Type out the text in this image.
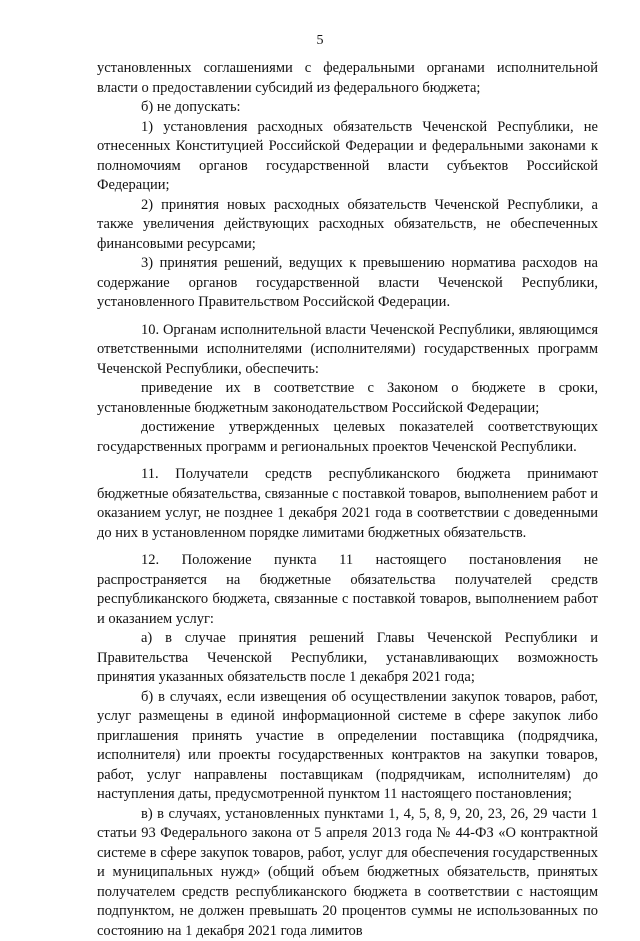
5

установленных соглашениями с федеральными органами исполнительной власти о предоставлении субсидий из федерального бюджета;

б) не допускать:

1) установления расходных обязательств Чеченской Республики, не отнесенных Конституцией Российской Федерации и федеральными законами к полномочиям органов государственной власти субъектов Российской Федерации;

2) принятия новых расходных обязательств Чеченской Республики, а также увеличения действующих расходных обязательств, не обеспеченных финансовыми ресурсами;

3) принятия решений, ведущих к превышению норматива расходов на содержание органов государственной власти Чеченской Республики, установленного Правительством Российской Федерации.

10. Органам исполнительной власти Чеченской Республики, являющимся ответственными исполнителями (исполнителями) государственных программ Чеченской Республики, обеспечить:

приведение их в соответствие с Законом о бюджете в сроки, установленные бюджетным законодательством Российской Федерации;

достижение утвержденных целевых показателей соответствующих государственных программ и региональных проектов Чеченской Республики.

11. Получатели средств республиканского бюджета принимают бюджетные обязательства, связанные с поставкой товаров, выполнением работ и оказанием услуг, не позднее 1 декабря 2021 года в соответствии с доведенными до них в установленном порядке лимитами бюджетных обязательств.

12. Положение пункта 11 настоящего постановления не распространяется на бюджетные обязательства получателей средств республиканского бюджета, связанные с поставкой товаров, выполнением работ и оказанием услуг:

а) в случае принятия решений Главы Чеченской Республики и Правительства Чеченской Республики, устанавливающих возможность принятия указанных обязательств после 1 декабря 2021 года;

б) в случаях, если извещения об осуществлении закупок товаров, работ, услуг размещены в единой информационной системе в сфере закупок либо приглашения принять участие в определении поставщика (подрядчика, исполнителя) или проекты государственных контрактов на закупки товаров, работ, услуг направлены поставщикам (подрядчикам, исполнителям) до наступления даты, предусмотренной пунктом 11 настоящего постановления;

в) в случаях, установленных пунктами 1, 4, 5, 8, 9, 20, 23, 26, 29 части 1 статьи 93 Федерального закона от 5 апреля 2013 года № 44-ФЗ «О контрактной системе в сфере закупок товаров, работ, услуг для обеспечения государственных и муниципальных нужд» (общий объем бюджетных обязательств, принятых получателем средств республиканского бюджета в соответствии с настоящим подпунктом, не должен превышать 20 процентов суммы не использованных по состоянию на 1 декабря 2021 года лимитов
